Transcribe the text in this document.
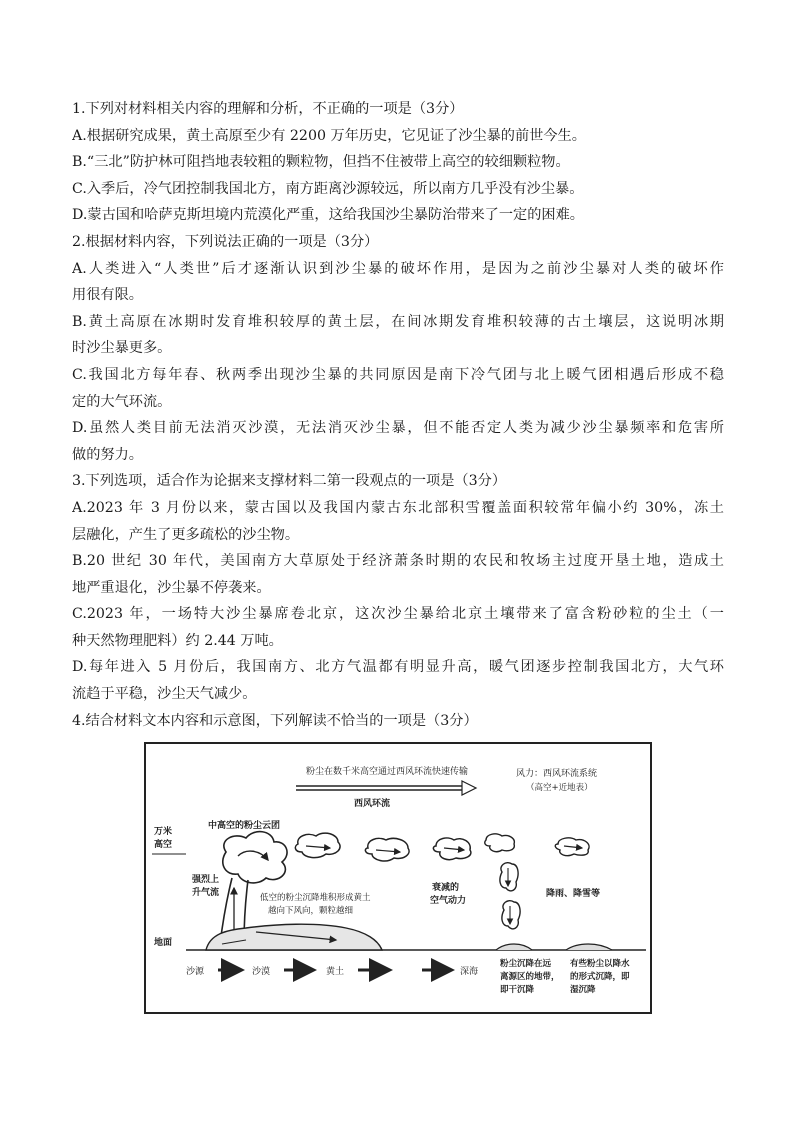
1.下列对材料相关内容的理解和分析，不正确的一项是（3分）
A.根据研究成果，黄土高原至少有 2200 万年历史，它见证了沙尘暴的前世今生。
B.“三北”防护林可阻挡地表较粗的颗粒物，但挡不住被带上高空的较细颗粒物。
C.入季后，冷气团控制我国北方，南方距离沙源较远，所以南方几乎没有沙尘暴。
D.蒙古国和哈萨克斯坦境内荒漠化严重，这给我国沙尘暴防治带来了一定的困难。
2.根据材料内容，下列说法正确的一项是（3分）
A.人类进入“人类世”后才逐渐认识到沙尘暴的破坏作用，是因为之前沙尘暴对人类的破坏作
用很有限。
B.黄土高原在冰期时发育堆积较厚的黄土层，在间冰期发育堆积较薄的古土壤层，这说明冰期
时沙尘暴更多。
C.我国北方每年春、秋两季出现沙尘暴的共同原因是南下冷气团与北上暖气团相遇后形成不稳
定的大气环流。
D.虽然人类目前无法消灭沙漠，无法消灭沙尘暴，但不能否定人类为减少沙尘暴频率和危害所
做的努力。
3.下列选项，适合作为论据来支撑材料二第一段观点的一项是（3分）
A.2023 年 3 月份以来，蒙古国以及我国内蒙古东北部积雪覆盖面积较常年偏小约 30%，冻土
层融化，产生了更多疏松的沙尘物。
B.20 世纪 30 年代，美国南方大草原处于经济萧条时期的农民和牧场主过度开垦土地，造成土
地严重退化，沙尘暴不停袭来。
C.2023 年，一场特大沙尘暴席卷北京，这次沙尘暴给北京土壤带来了富含粉砂粒的尘土（一
种天然物理肥料）约 2.44 万吨。
D.每年进入 5 月份后，我国南方、北方气温都有明显升高，暖气团逐步控制我国北方，大气环
流趋于平稳，沙尘天气减少。
4.结合材料文本内容和示意图，下列解读不恰当的一项是（3分）
粉尘在数千米高空通过西风环流快速传输
西风环流
风力：西风环流系统
（高空+近地表）
万米
高空
地面
中高空的粉尘云团
强烈上
升气流	低空的粉尘沉降堆积形成黄土
越向下风向，颗粒越细
衰减的
空气动力
降雨、降雪等
沙源	沙漠	黄土	深海
粉尘沉降在远
离源区的地带，
即干沉降
有些粉尘以降水
的形式沉降，即
湿沉降
